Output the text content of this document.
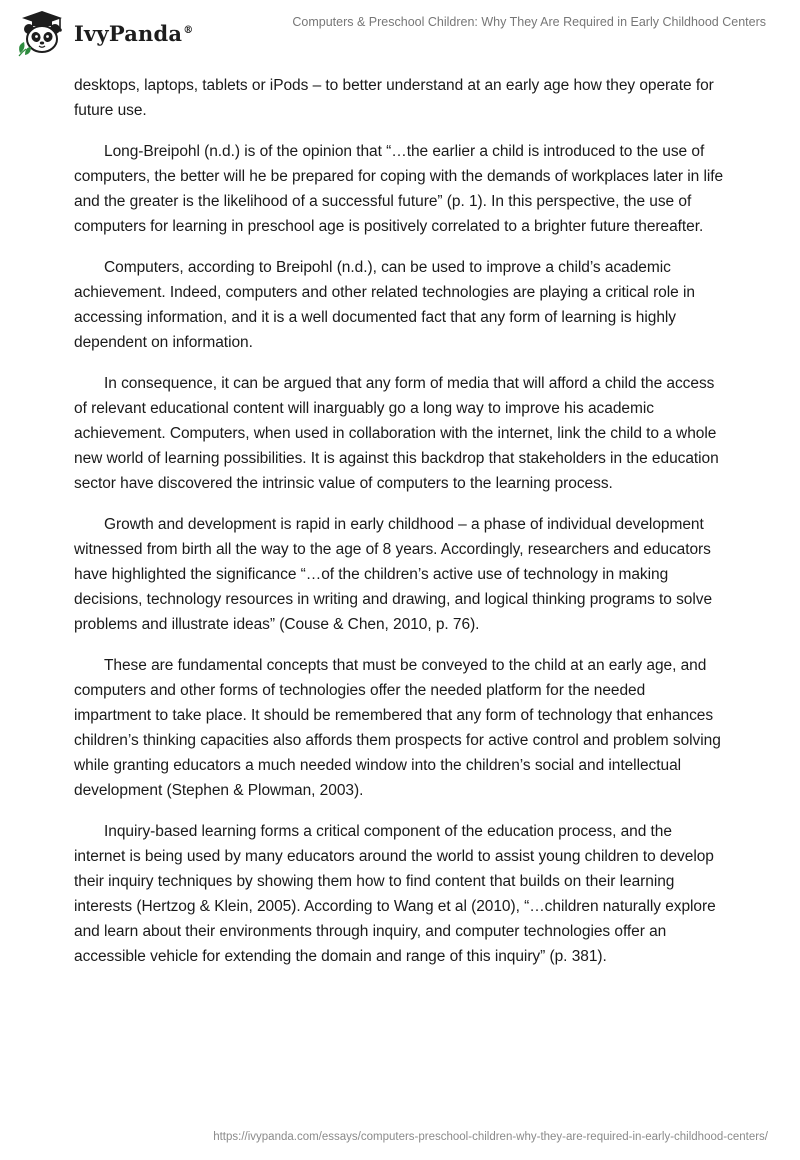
IvyPanda®
Computers & Preschool Children: Why They Are Required in Early Childhood Centers

desktops, laptops, tablets or iPods – to better understand at an early age how they operate for future use.

Long-Breipohl (n.d.) is of the opinion that “…the earlier a child is introduced to the use of computers, the better will he be prepared for coping with the demands of workplaces later in life and the greater is the likelihood of a successful future” (p. 1). In this perspective, the use of computers for learning in preschool age is positively correlated to a brighter future thereafter.

Computers, according to Breipohl (n.d.), can be used to improve a child’s academic achievement. Indeed, computers and other related technologies are playing a critical role in accessing information, and it is a well documented fact that any form of learning is highly dependent on information.

In consequence, it can be argued that any form of media that will afford a child the access of relevant educational content will inarguably go a long way to improve his academic achievement. Computers, when used in collaboration with the internet, link the child to a whole new world of learning possibilities. It is against this backdrop that stakeholders in the education sector have discovered the intrinsic value of computers to the learning process.

Growth and development is rapid in early childhood – a phase of individual development witnessed from birth all the way to the age of 8 years. Accordingly, researchers and educators have highlighted the significance “…of the children’s active use of technology in making decisions, technology resources in writing and drawing, and logical thinking programs to solve problems and illustrate ideas” (Couse & Chen, 2010, p. 76).

These are fundamental concepts that must be conveyed to the child at an early age, and computers and other forms of technologies offer the needed platform for the needed impartment to take place. It should be remembered that any form of technology that enhances children’s thinking capacities also affords them prospects for active control and problem solving while granting educators a much needed window into the children’s social and intellectual development (Stephen & Plowman, 2003).

Inquiry-based learning forms a critical component of the education process, and the internet is being used by many educators around the world to assist young children to develop their inquiry techniques by showing them how to find content that builds on their learning interests (Hertzog & Klein, 2005). According to Wang et al (2010), “…children naturally explore and learn about their environments through inquiry, and computer technologies offer an accessible vehicle for extending the domain and range of this inquiry” (p. 381).

https://ivypanda.com/essays/computers-preschool-children-why-they-are-required-in-early-childhood-centers/
